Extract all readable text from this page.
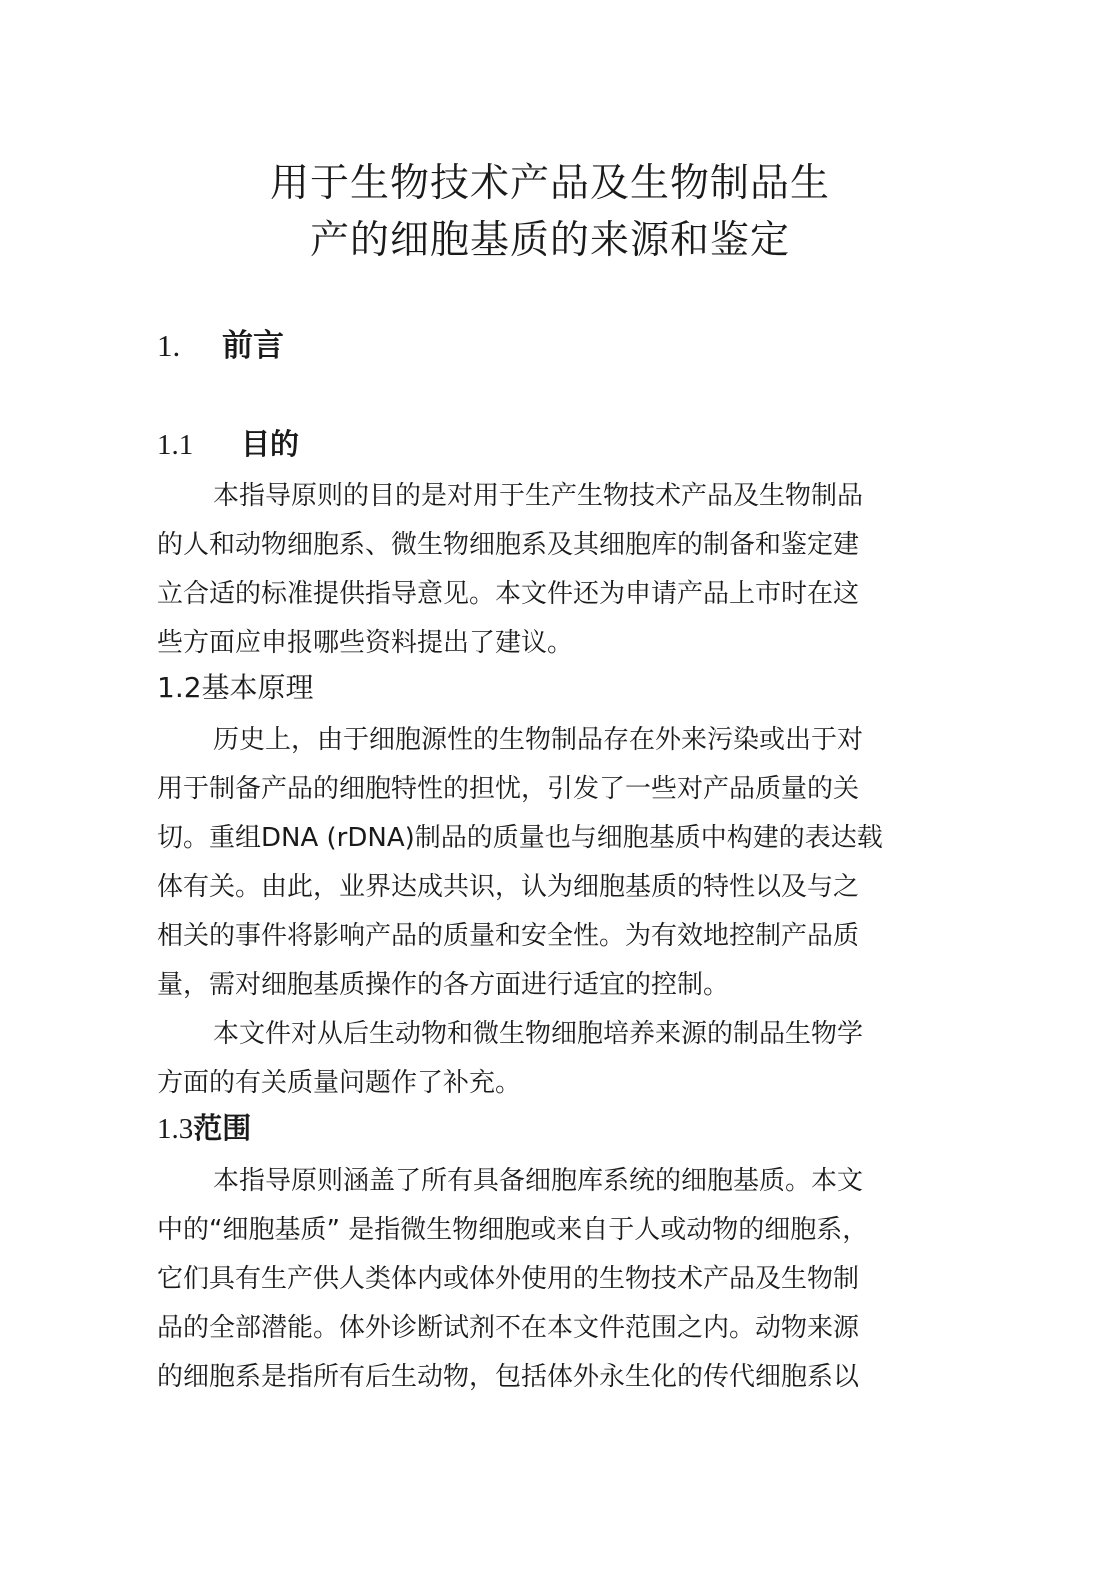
用于生物技术产品及生物制品生
产的细胞基质的来源和鉴定
1. 前言
1.1 目的
本指导原则的目的是对用于生产生物技术产品及生物制品
的人和动物细胞系、微生物细胞系及其细胞库的制备和鉴定建
立合适的标准提供指导意见。本文件还为申请产品上市时在这
些方面应申报哪些资料提出了建议。
1.2基本原理
历史上，由于细胞源性的生物制品存在外来污染或出于对
用于制备产品的细胞特性的担忧，引发了一些对产品质量的关
切。重组DNA (rDNA)制品的质量也与细胞基质中构建的表达载
体有关。由此，业界达成共识，认为细胞基质的特性以及与之
相关的事件将影响产品的质量和安全性。为有效地控制产品质
量，需对细胞基质操作的各方面进行适宜的控制。
本文件对从后生动物和微生物细胞培养来源的制品生物学
方面的有关质量问题作了补充。
1.3范围
本指导原则涵盖了所有具备细胞库系统的细胞基质。本文
中的“细胞基质” 是指微生物细胞或来自于人或动物的细胞系，
它们具有生产供人类体内或体外使用的生物技术产品及生物制
品的全部潜能。体外诊断试剂不在本文件范围之内。动物来源
的细胞系是指所有后生动物，包括体外永生化的传代细胞系以
